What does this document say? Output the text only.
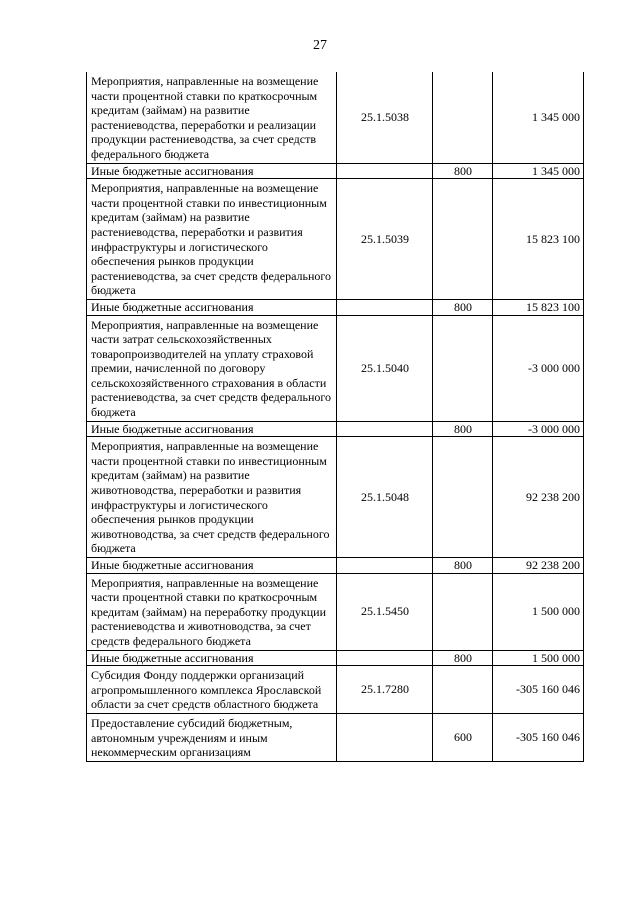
27
Мероприятия, направленные на возмещение части процентной ставки по краткосрочным кредитам (займам) на развитие растениеводства, переработки и реализации продукции растениеводства, за счет средств федерального бюджета	25.1.5038		1 345 000
Иные бюджетные ассигнования		800	1 345 000
Мероприятия, направленные на возмещение части процентной ставки по инвестиционным кредитам (займам) на развитие растениеводства, переработки и развития инфраструктуры и логистического обеспечения рынков продукции растениеводства, за счет средств федерального бюджета	25.1.5039		15 823 100
Иные бюджетные ассигнования		800	15 823 100
Мероприятия, направленные на возмещение части затрат сельскохозяйственных товаропроизводителей на уплату страховой премии, начисленной по договору сельскохозяйственного страхования в области растениеводства, за счет средств федерального бюджета	25.1.5040		-3 000 000
Иные бюджетные ассигнования		800	-3 000 000
Мероприятия, направленные на возмещение части процентной ставки по инвестиционным кредитам (займам) на развитие животноводства, переработки и развития инфраструктуры и логистического обеспечения рынков продукции животноводства, за счет средств федерального бюджета	25.1.5048		92 238 200
Иные бюджетные ассигнования		800	92 238 200
Мероприятия, направленные на возмещение части процентной ставки по краткосрочным кредитам (займам) на переработку продукции растениеводства и животноводства, за счет средств федерального бюджета	25.1.5450		1 500 000
Иные бюджетные ассигнования		800	1 500 000
Субсидия Фонду поддержки организаций агропромышленного комплекса Ярославской области за счет средств областного бюджета	25.1.7280		-305 160 046
Предоставление субсидий бюджетным, автономным учреждениям и иным некоммерческим организациям		600	-305 160 046
